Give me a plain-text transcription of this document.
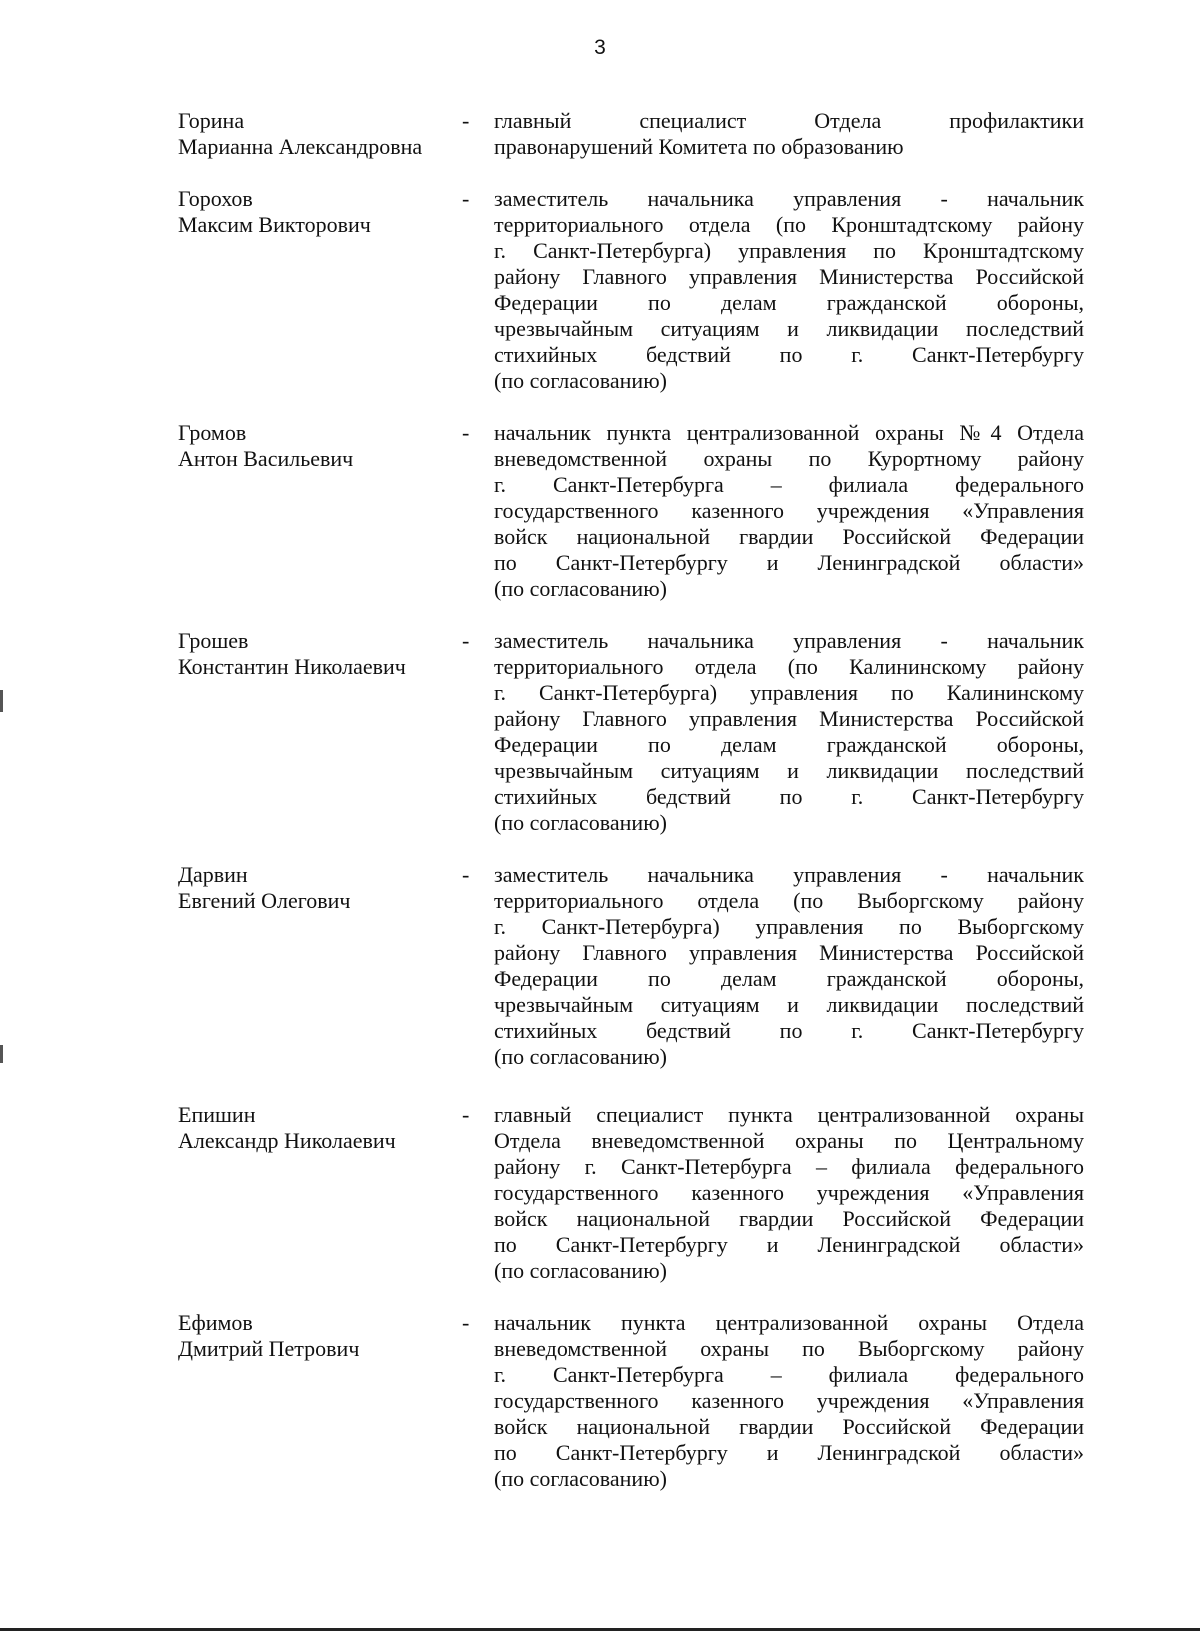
3
Горина
Марианна Александровна
-	главный специалист Отдела профилактики
правонарушений Комитета по образованию
Горохов
Максим Викторович
-	заместитель начальника управления - начальник
территориального отдела (по Кронштадтскому району
г. Санкт-Петербурга) управления по Кронштадтскому
району Главного управления Министерства Российской
Федерации по делам гражданской обороны,
чрезвычайным ситуациям и ликвидации последствий
стихийных бедствий по г. Санкт-Петербургу
(по согласованию)
Громов
Антон Васильевич
-	начальник пункта централизованной охраны №4 Отдела
вневедомственной охраны по Курортному району
г. Санкт-Петербурга – филиала федерального
государственного казенного учреждения «Управления
войск национальной гвардии Российской Федерации
по Санкт-Петербургу и Ленинградской области»
(по согласованию)
Грошев
Константин Николаевич
-	заместитель начальника управления - начальник
территориального отдела (по Калининскому району
г. Санкт-Петербурга) управления по Калининскому
району Главного управления Министерства Российской
Федерации по делам гражданской обороны,
чрезвычайным ситуациям и ликвидации последствий
стихийных бедствий по г. Санкт-Петербургу
(по согласованию)
Дарвин
Евгений Олегович
-	заместитель начальника управления - начальник
территориального отдела (по Выборгскому району
г. Санкт-Петербурга) управления по Выборгскому
району Главного управления Министерства Российской
Федерации по делам гражданской обороны,
чрезвычайным ситуациям и ликвидации последствий
стихийных бедствий по г. Санкт-Петербургу
(по согласованию)
Епишин
Александр Николаевич
-	главный специалист пункта централизованной охраны
Отдела вневедомственной охраны по Центральному
району г. Санкт-Петербурга – филиала федерального
государственного казенного учреждения «Управления
войск национальной гвардии Российской Федерации
по Санкт-Петербургу и Ленинградской области»
(по согласованию)
Ефимов
Дмитрий Петрович
-	начальник пункта централизованной охраны Отдела
вневедомственной охраны по Выборгскому району
г. Санкт-Петербурга – филиала федерального
государственного казенного учреждения «Управления
войск национальной гвардии Российской Федерации
по Санкт-Петербургу и Ленинградской области»
(по согласованию)
